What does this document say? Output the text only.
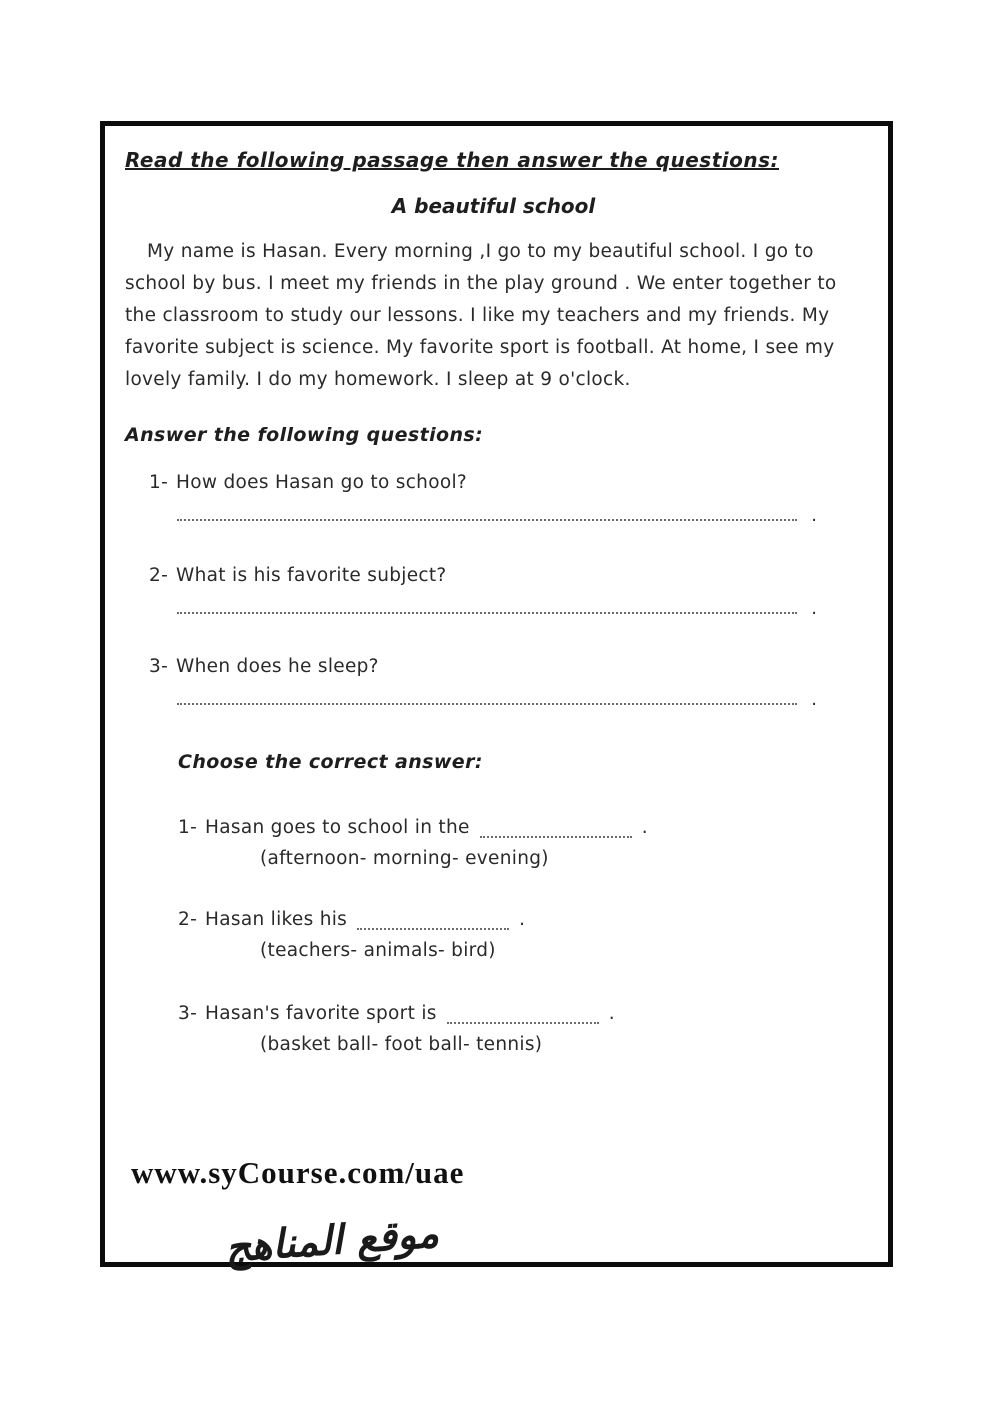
Read the following passage then answer the questions:
A beautiful school
My name is Hasan. Every morning ,I go to my beautiful school. I go to school by bus. I meet my friends in the play ground . We enter together to the classroom to study our lessons. I like my teachers and my friends. My favorite subject is science. My favorite sport is football. At home, I see my lovely family. I do my homework. I sleep at 9 o'clock.
Answer the following questions:
1- How does Hasan go to school?
.
2- What is his favorite subject?
.
3- When does he sleep?
.
Choose the correct answer:
1- Hasan goes to school in the	.
(afternoon- morning- evening)
2- Hasan likes his	.
(teachers- animals- bird)
3- Hasan's favorite sport is	.
(basket ball- foot ball- tennis)
www.syCourse.com/uae
موقع المناهج
